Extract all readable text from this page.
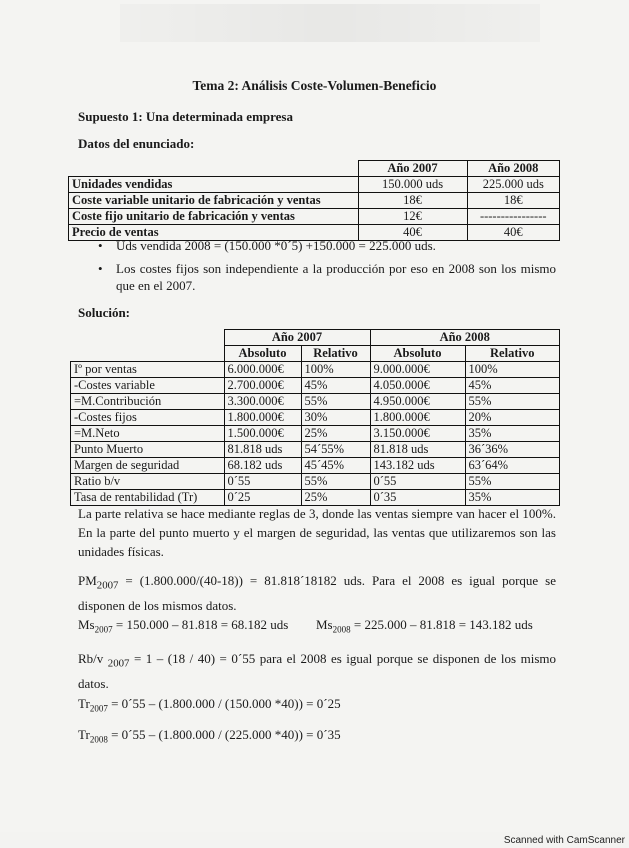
Tema 2: Análisis Coste-Volumen-Beneficio
Supuesto 1: Una determinada empresa
Datos del enunciado:
	Año 2007	Año 2008
Unidades vendidas	150.000 uds	225.000 uds
Coste variable unitario de fabricación y ventas	18€	18€
Coste fijo unitario de fabricación y ventas	12€	----------------
Precio de ventas	40€	40€
• Uds vendida 2008 = (150.000 *0´5) +150.000 = 225.000 uds.
• Los costes fijos son independiente a la producción por eso en 2008 son los mismo que en el 2007.
Solución:
	Año 2007		Año 2008	
	Absoluto	Relativo	Absoluto	Relativo
Iº por ventas	6.000.000€	100%	9.000.000€	100%
-Costes variable	2.700.000€	45%	4.050.000€	45%
=M.Contribución	3.300.000€	55%	4.950.000€	55%
-Costes fijos	1.800.000€	30%	1.800.000€	20%
=M.Neto	1.500.000€	25%	3.150.000€	35%
Punto Muerto	81.818 uds	54´55%	81.818 uds	36´36%
Margen de seguridad	68.182 uds	45´45%	143.182 uds	63´64%
Ratio b/v	0´55	55%	0´55	55%
Tasa de rentabilidad (Tr)	0´25	25%	0´35	35%
La parte relativa se hace mediante reglas de 3, donde las ventas siempre van hacer el 100%. En la parte del punto muerto y el margen de seguridad, las ventas que utilizaremos son las unidades físicas.
$PM_{2007} = (1.800.000/(40-18))$ = 81.818´18182 uds. Para el 2008 es igual porque se disponen de los mismos datos.
$Ms_{2007} = 150.000 - 81.818 = 68.182$ uds $Ms_{2008} = 225.000 - 81.818 = 143.182$ uds
Rb/v $_{2007}$ = 1 – (18 / 40) = 0´55 para el 2008 es igual porque se disponen de los mismo datos.
$Tr_{2007}$ = 0´55 – (1.800.000 / (150.000 *40)) = 0´25
$Tr_{2008}$ = 0´55 – (1.800.000 / (225.000 *40)) = 0´35
Scanned with CamScanner
